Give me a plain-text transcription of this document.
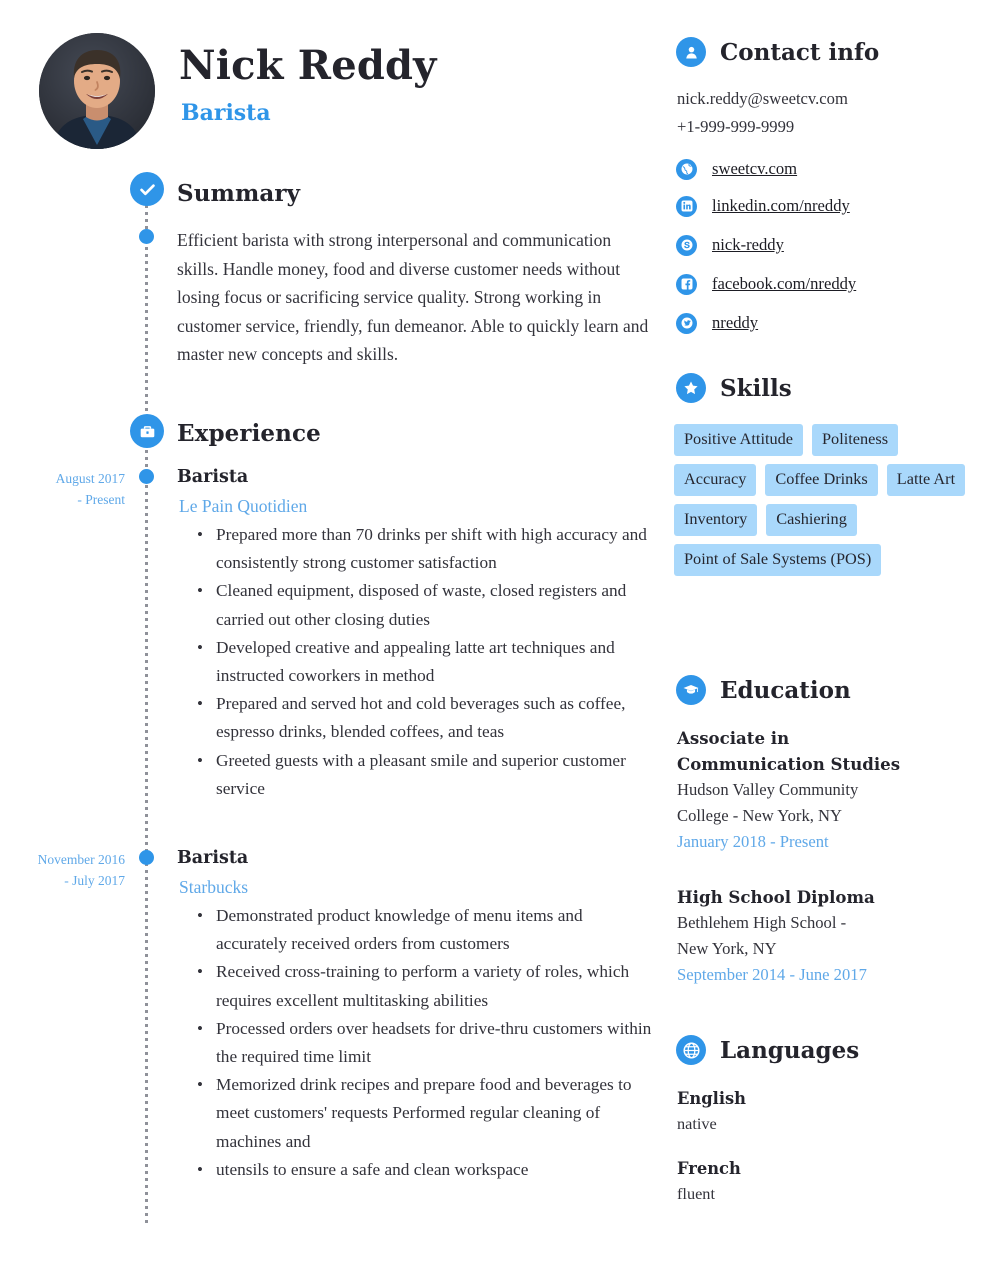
Nick Reddy
Barista
Summary
Efficient barista with strong interpersonal and communication skills. Handle money, food and diverse customer needs without losing focus or sacrificing service quality. Strong working in customer service, friendly, fun demeanor. Able to quickly learn and master new concepts and skills.
Experience
August 2017
- Present
Barista
Le Pain Quotidien
• Prepared more than 70 drinks per shift with high accuracy and consistently strong customer satisfaction
• Cleaned equipment, disposed of waste, closed registers and carried out other closing duties
• Developed creative and appealing latte art techniques and instructed coworkers in method
• Prepared and served hot and cold beverages such as coffee, espresso drinks, blended coffees, and teas
• Greeted guests with a pleasant smile and superior customer service
November 2016
- July 2017
Barista
Starbucks
• Demonstrated product knowledge of menu items and accurately received orders from customers
• Received cross-training to perform a variety of roles, which requires excellent multitasking abilities
• Processed orders over headsets for drive-thru customers within the required time limit
• Memorized drink recipes and prepare food and beverages to meet customers' requests Performed regular cleaning of machines and
• utensils to ensure a safe and clean workspace
Contact info
nick.reddy@sweetcv.com
+1-999-999-9999
sweetcv.com
linkedin.com/nreddy
nick-reddy
facebook.com/nreddy
nreddy
Skills
Positive Attitude	Politeness
Accuracy	Coffee Drinks	Latte Art
Inventory	Cashiering
Point of Sale Systems (POS)
Education
Associate in
Communication Studies
Hudson Valley Community
College - New York, NY
January 2018 - Present
High School Diploma
Bethlehem High School -
New York, NY
September 2014 - June 2017
Languages
English
native
French
fluent
